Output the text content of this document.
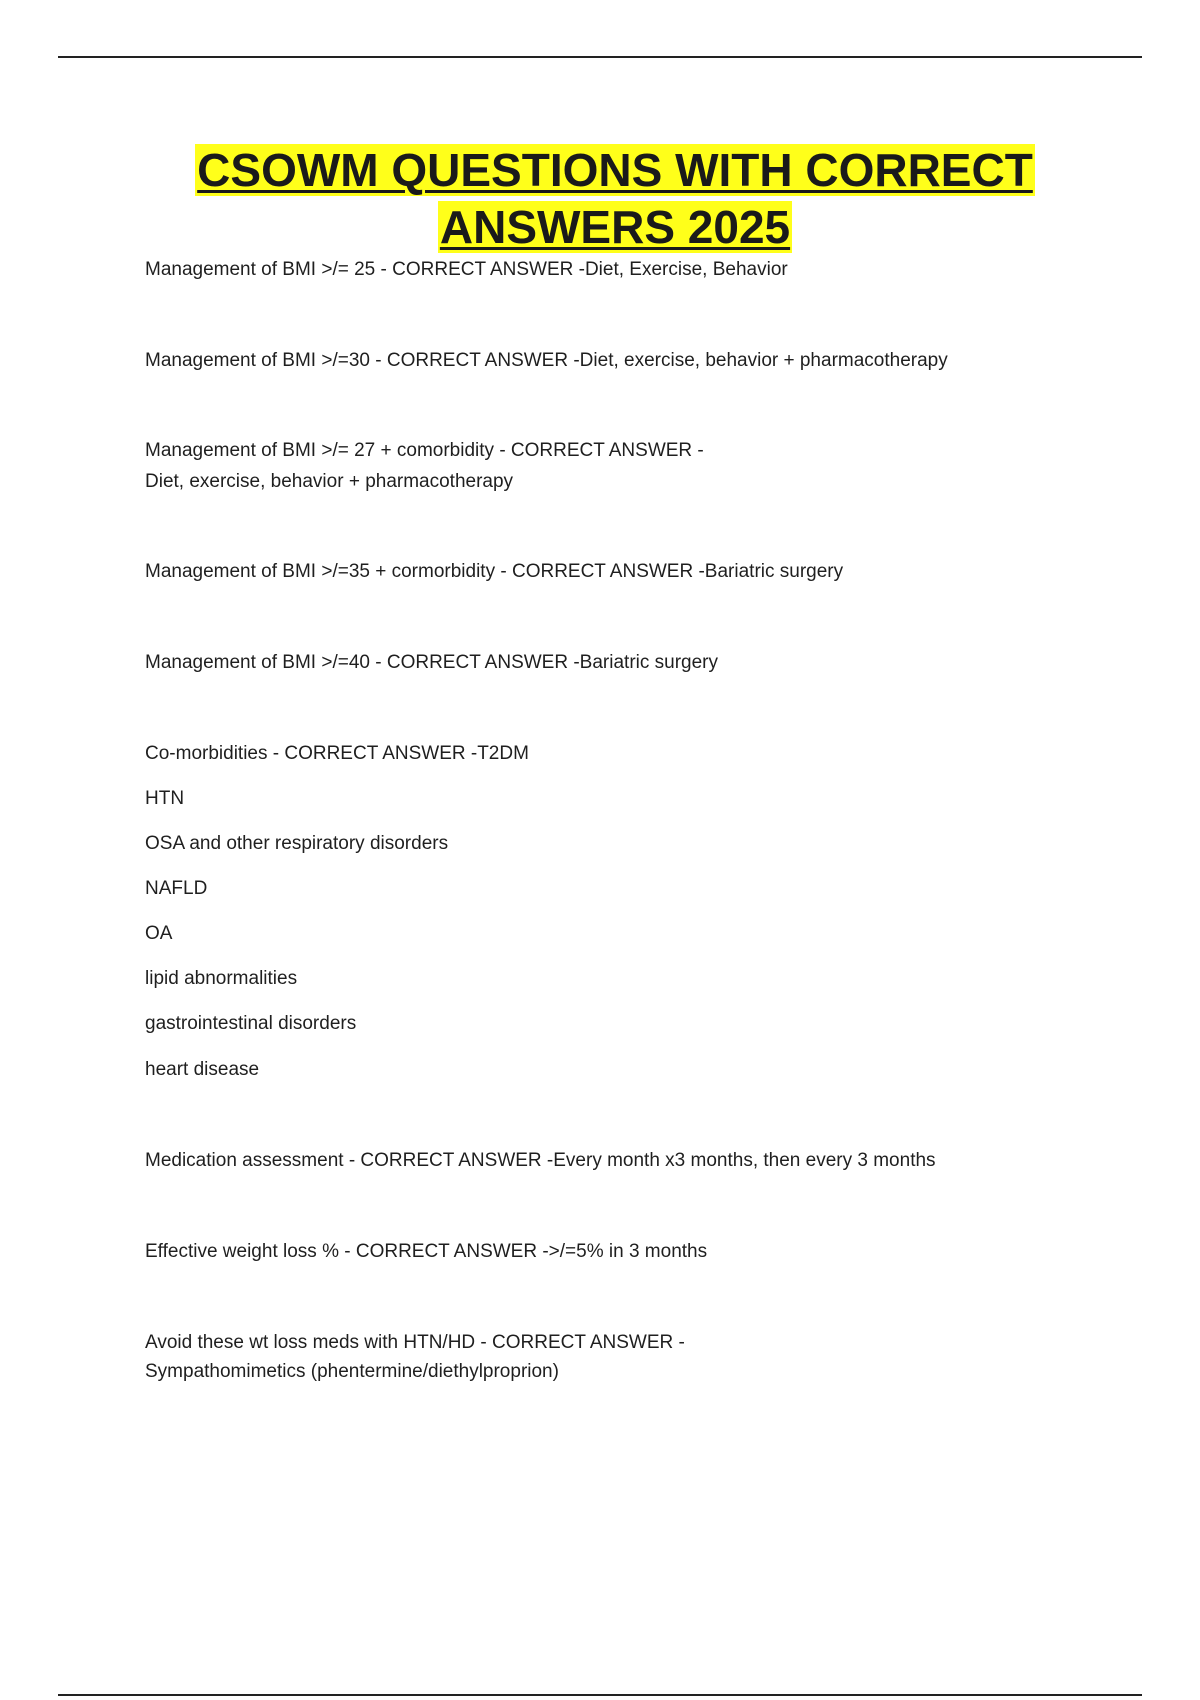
CSOWM QUESTIONS WITH CORRECT
ANSWERS 2025

Management of BMI >/= 25 - CORRECT ANSWER -Diet, Exercise, Behavior

Management of BMI >/=30 - CORRECT ANSWER -Diet, exercise, behavior + pharmacotherapy

Management of BMI >/= 27 + comorbidity - CORRECT ANSWER -

Diet, exercise, behavior + pharmacotherapy

Management of BMI >/=35 + cormorbidity - CORRECT ANSWER -Bariatric surgery

Management of BMI >/=40 - CORRECT ANSWER -Bariatric surgery

Co-morbidities - CORRECT ANSWER -T2DM

HTN

OSA and other respiratory disorders

NAFLD

OA

lipid abnormalities

gastrointestinal disorders

heart disease

Medication assessment - CORRECT ANSWER -Every month x3 months, then every 3 months

Effective weight loss % - CORRECT ANSWER ->/=5% in 3 months

Avoid these wt loss meds with HTN/HD - CORRECT ANSWER -

Sympathomimetics (phentermine/diethylproprion)
